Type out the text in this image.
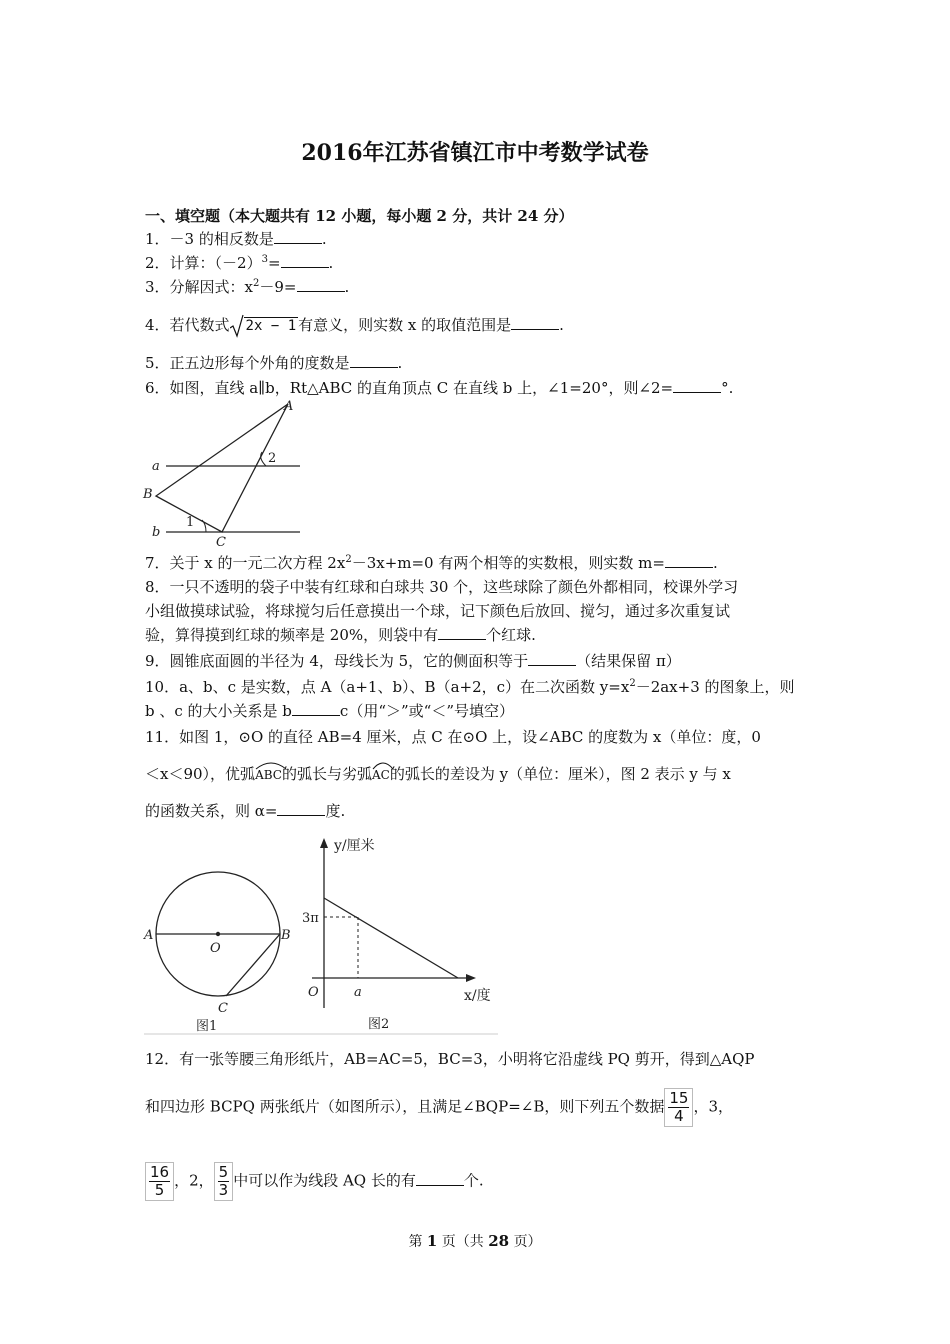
2016年江苏省镇江市中考数学试卷
一、填空题（本大题共有 12 小题，每小题 2 分，共计 24 分）
1．－3 的相反数是	.
2．计算：$(-2)^3=$	.
3．分解因式：$x^2-9=$	.
4．若代数式 2x − 1 有意义，则实数 x 的取值范围是	.
5．正五边形每个外角的度数是	.
6．如图，直线 a∥b，Rt△ABC 的直角顶点 C 在直线 b 上，∠1=20°，则∠2=	°.
a
b
A
B
C
1
2
7．关于 x 的一元二次方程 $2x^2-3x+m=0$ 有两个相等的实数根，则实数 m=	.
8．一只不透明的袋子中装有红球和白球共 30 个，这些球除了颜色外都相同，校课外学习
小组做摸球试验，将球搅匀后任意摸出一个球，记下颜色后放回、搅匀，通过多次重复试
验，算得摸到红球的频率是 20%，则袋中有	个红球.
9．圆锥底面圆的半径为 4，母线长为 5，它的侧面积等于	（结果保留 π）
10．a、b、c 是实数，点 A（a+1、b）、B（a+2，c）在二次函数 $y=x^2-2ax+3$ 的图象上，则
b 、c 的大小关系是 b	c（用“＞”或“＜”号填空）
11．如图 1，⊙O 的直径 AB=4 厘米，点 C 在⊙O 上，设∠ABC 的度数为 x（单位：度，0
＜x＜90），优弧
ABC的弧长与劣弧
AC的弧长的差设为 y（单位：厘米），图 2 表示 y 与 x
的函数关系，则 α=	度.
A	B
C
O
图1
y/厘米
x/度
O	a
3π
图2
12．有一张等腰三角形纸片，AB=AC=5，BC=3，小明将它沿虚线 PQ 剪开，得到△AQP
和四边形 BCPQ 两张纸片（如图所示），且满足∠BQP=∠B，则下列五个数据 $\frac{15}{4}$ ，3，
$\frac{16}{5}$ ，2， $\frac{5}{3}$ 中可以作为线段 AQ 长的有	个.
第 1 页（共 28 页）
